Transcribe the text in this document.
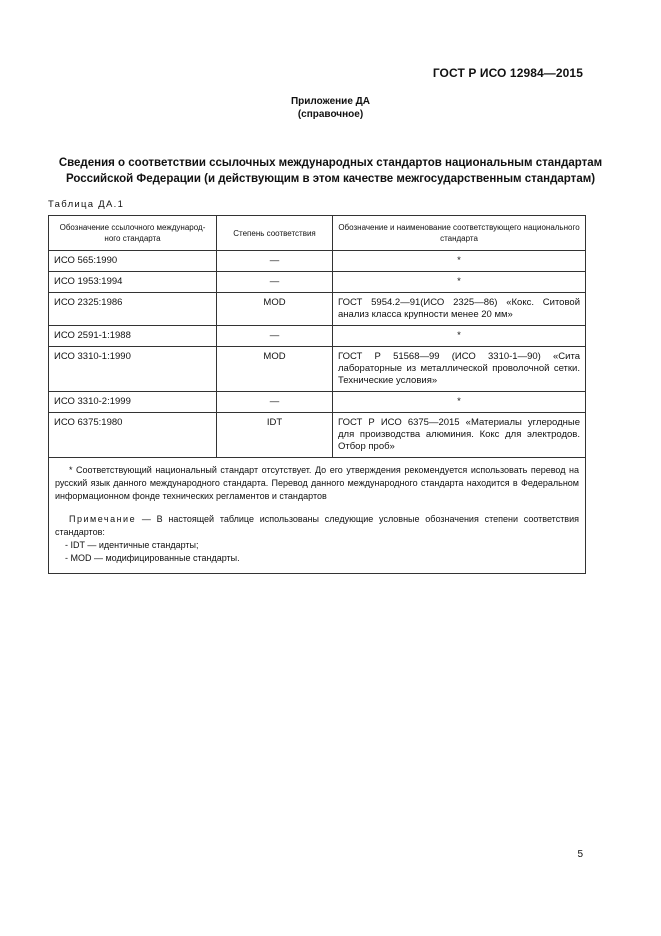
ГОСТ Р ИСО 12984—2015
Приложение ДА
(справочное)
Сведения о соответствии ссылочных международных стандартов национальным стандартам Российской Федерации (и действующим в этом качестве межгосударственным стандартам)
Таблица ДА.1
Обозначение ссылочного международ-ного стандарта	Степень соответствия	Обозначение и наименование соответствующего национального стандарта
ИСО 565:1990	—	*
ИСО 1953:1994	—	*
ИСО 2325:1986	MOD	ГОСТ 5954.2—91(ИСО 2325—86) «Кокс. Ситовой анализ класса крупности менее 20 мм»
ИСО 2591-1:1988	—	*
ИСО 3310-1:1990	MOD	ГОСТ Р 51568—99 (ИСО 3310-1—90) «Сита лабораторные из металлической проволочной сетки. Технические условия»
ИСО 3310-2:1999	—	*
ИСО 6375:1980	IDT	ГОСТ Р ИСО 6375—2015 «Материалы углеродные для производства алюминия. Кокс для электродов. Отбор проб»

* Соответствующий национальный стандарт отсутствует. До его утверждения рекомендуется использовать перевод на русский язык данного международного стандарта. Перевод данного международного стандарта находится в Федеральном информационном фонде технических регламентов и стандартов

Примечание — В настоящей таблице использованы следующие условные обозначения степени соответствия стандартов:

- IDT — идентичные стандарты;
- MOD — модифицированные стандарты.		
5
